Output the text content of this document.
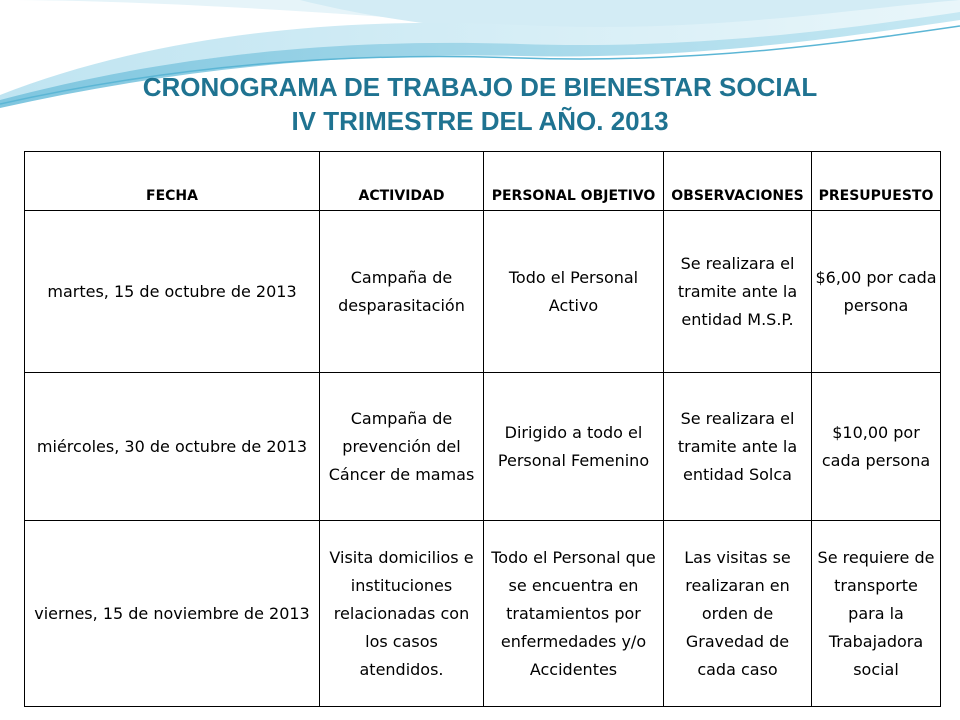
CRONOGRAMA DE TRABAJO DE BIENESTAR SOCIAL
IV TRIMESTRE DEL AÑO. 2013
FECHA	ACTIVIDAD	PERSONAL OBJETIVO	OBSERVACIONES	PRESUPUESTO
martes, 15 de octubre de 2013	Campaña de desparasitación	Todo el Personal Activo	Se realizara el tramite ante la entidad M.S.P.	$6,00 por cada persona
miércoles, 30 de octubre de 2013	Campaña de prevención del Cáncer de mamas	Dirigido a todo el Personal Femenino	Se realizara el tramite ante la entidad Solca	$10,00 por cada persona
viernes, 15 de noviembre de 2013	Visita domicilios e instituciones relacionadas con los casos atendidos.	Todo el Personal que se encuentra en tratamientos por enfermedades y/o Accidentes	Las visitas se realizaran en orden de Gravedad de cada caso	Se requiere de transporte para la Trabajadora social
